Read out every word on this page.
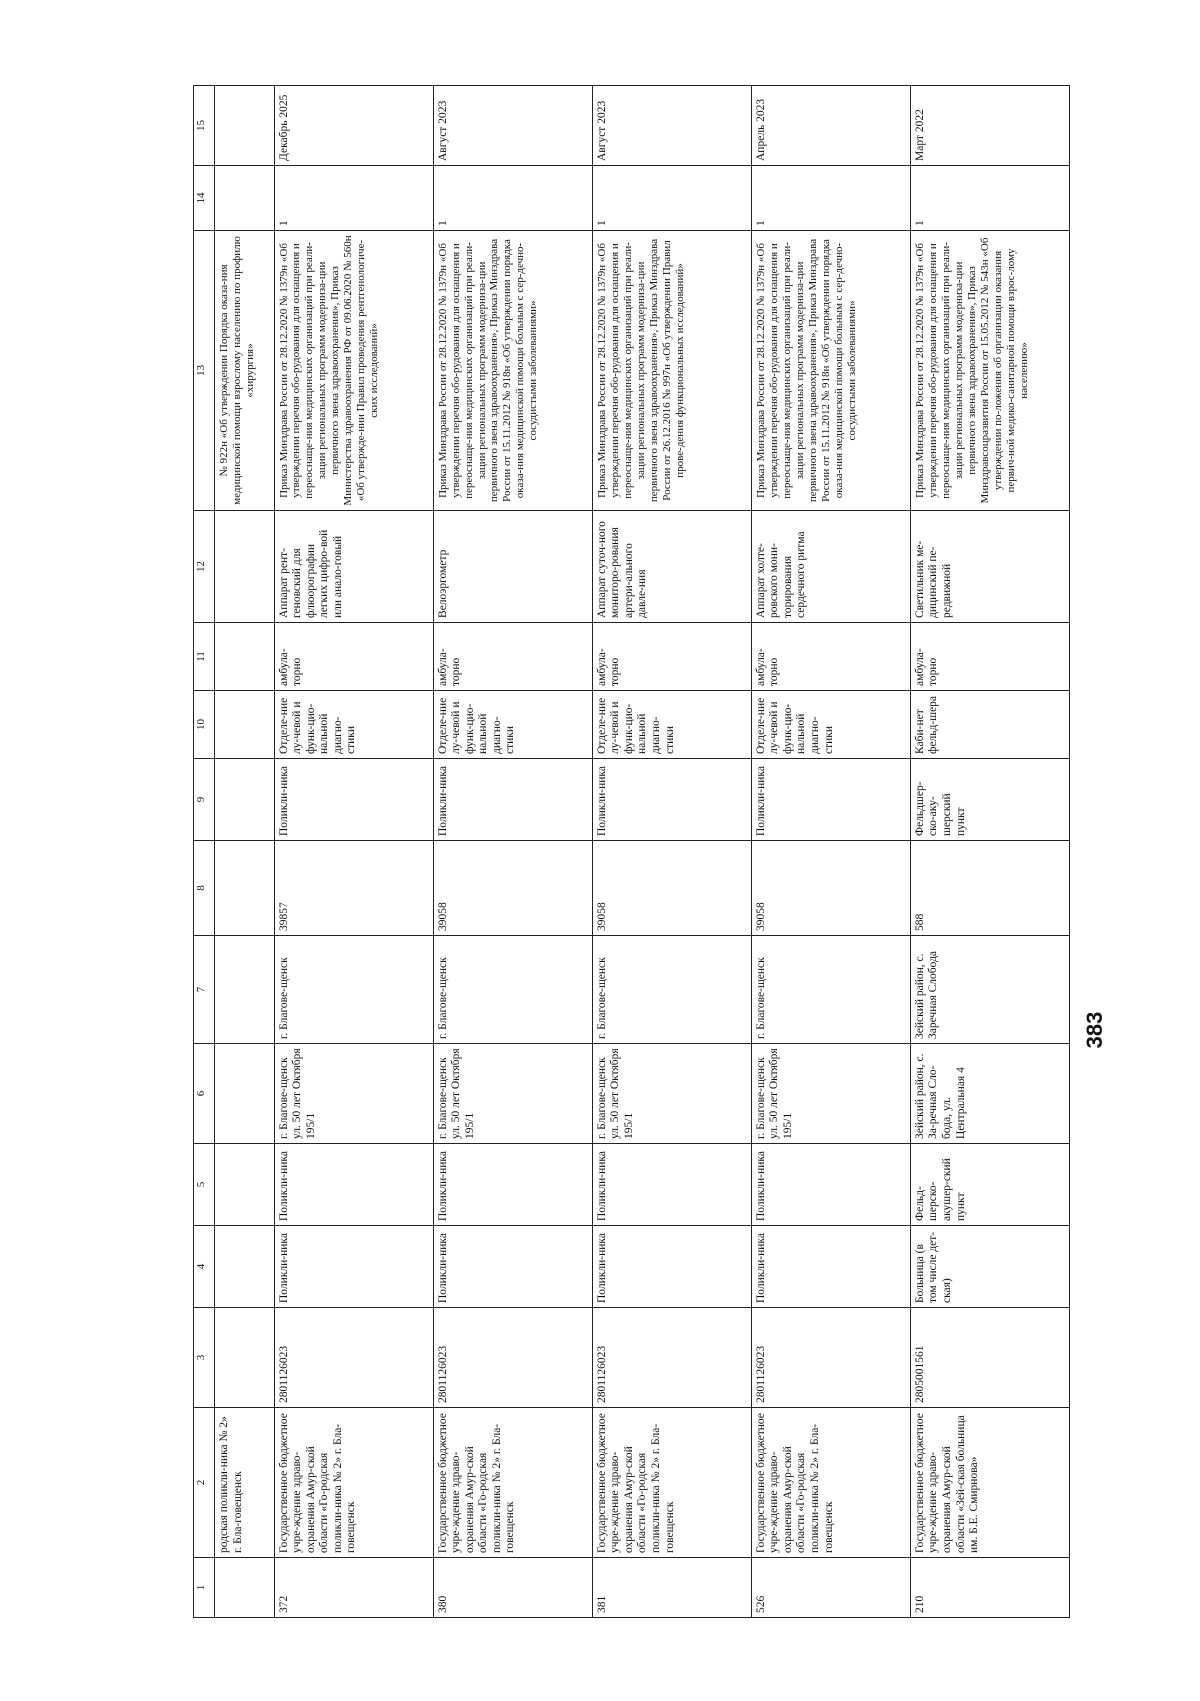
383
1	2	3	4	5	6	7	8	9	10	11	12	13	14	15
	родская поликли-ника № 2» г. Бла-говещенск											№ 922н «Об утверждении Порядка оказа-ния медицинской помощи взрослому населению по профилю «хирургия»		
372	Государственное бюджетное учре-ждение здраво-охранения Амур-ской области «Го-родская поликли-ника № 2» г. Бла-говещенск	2801126023	Поликли-ника	Поликли-ника	г. Благове-щенск ул. 50 лет Октября 195/1	г. Благове-щенск	39857	Поликли-ника	Отделе-ние лу-чевой и функ-цио-нальной диагно-стики	амбула-торно	Аппарат рент-геновский для флюорографии легких цифро-вой или анало-говый	Приказ Минздрава России от 28.12.2020 № 1379н «Об утверждении перечня обо-рудования для оснащения и переоснаще-ния медицинских организаций при реали-зации региональных программ модерниза-ции первичного звена здравоохранения», Приказ Министерства здравоохранения РФ от 09.06.2020 № 560н «Об утвержде-нии Правил проведения рентгенологиче-ских исследований»	1	Декабрь 2025
380	Государственное бюджетное учре-ждение здраво-охранения Амур-ской области «Го-родская поликли-ника № 2» г. Бла-говещенск	2801126023	Поликли-ника	Поликли-ника	г. Благове-щенск ул. 50 лет Октября 195/1	г. Благове-щенск	39058	Поликли-ника	Отделе-ние лу-чевой и функ-цио-нальной диагно-стики	амбула-торно	Велоэргометр	Приказ Минздрава России от 28.12.2020 № 1379н «Об утверждении перечня обо-рудования для оснащения и переоснаще-ния медицинских организаций при реали-зации региональных программ модерниза-ции первичного звена здравоохранения», Приказ Минздрава России от 15.11.2012 № 918н «Об утверждении порядка оказа-ния медицинской помощи больным с сер-дечно-сосудистыми заболеваниями»	1	Август 2023
381	Государственное бюджетное учре-ждение здраво-охранения Амур-ской области «Го-родская поликли-ника № 2» г. Бла-говещенск	2801126023	Поликли-ника	Поликли-ника	г. Благове-щенск ул. 50 лет Октября 195/1	г. Благове-щенск	39058	Поликли-ника	Отделе-ние лу-чевой и функ-цио-нальной диагно-стики	амбула-торно	Аппарат суточ-ного мониторо-рования артери-ального давле-ния	Приказ Минздрава России от 28.12.2020 № 1379н «Об утверждении перечня обо-рудования для оснащения и переоснаще-ния медицинских организаций при реали-зации региональных программ модерниза-ции первичного звена здравоохранения», Приказ Минздрава России от 26.12.2016 № 997н «Об утверждении Правил прове-дения функциональных исследований»	1	Август 2023
526	Государственное бюджетное учре-ждение здраво-охранения Амур-ской области «Го-родская поликли-ника № 2» г. Бла-говещенск	2801126023	Поликли-ника	Поликли-ника	г. Благове-щенск ул. 50 лет Октября 195/1	г. Благове-щенск	39058	Поликли-ника	Отделе-ние лу-чевой и функ-цио-нальной диагно-стики	амбула-торно	Аппарат холте-ровского мони-торирования сердечного ритма	Приказ Минздрава России от 28.12.2020 № 1379н «Об утверждении перечня обо-рудования для оснащения и переоснаще-ния медицинских организаций при реали-зации региональных программ модерниза-ции первичного звена здравоохранения», Приказ Минздрава России от 15.11.2012 № 918н «Об утверждении порядка оказа-ния медицинской помощи больным с сер-дечно-сосудистыми заболеваниями»	1	Апрель 2023
210	Государственное бюджетное учре-ждение здраво-охранения Амур-ской области «Зей-ская больница им. Б.Е. Смирнова»	2805001561	Больница (в том числе дет-ская)	Фельд-шерско-акушер-ский пункт	Зейский район, с. За-речная Сло-бода, ул. Центральная 4	Зейский район, с. Заречная Слобода	588	Фельдшер-ско-аку-шерский пункт	Каби-нет фельд-шера	амбула-торно	Светильник ме-дицинский пе-редвижной	Приказ Минздрава России от 28.12.2020 № 1379н «Об утверждении перечня обо-рудования для оснащения и переоснаще-ния медицинских организаций при реали-зации региональных программ модерниза-ции первичного звена здравоохранения», Приказ Минздравсоцразвития России от 15.05.2012 № 543н «Об утверждении по-ложения об организации оказания первич-ной медико-санитарной помощи взрос-лому населению»	1	Март 2022
